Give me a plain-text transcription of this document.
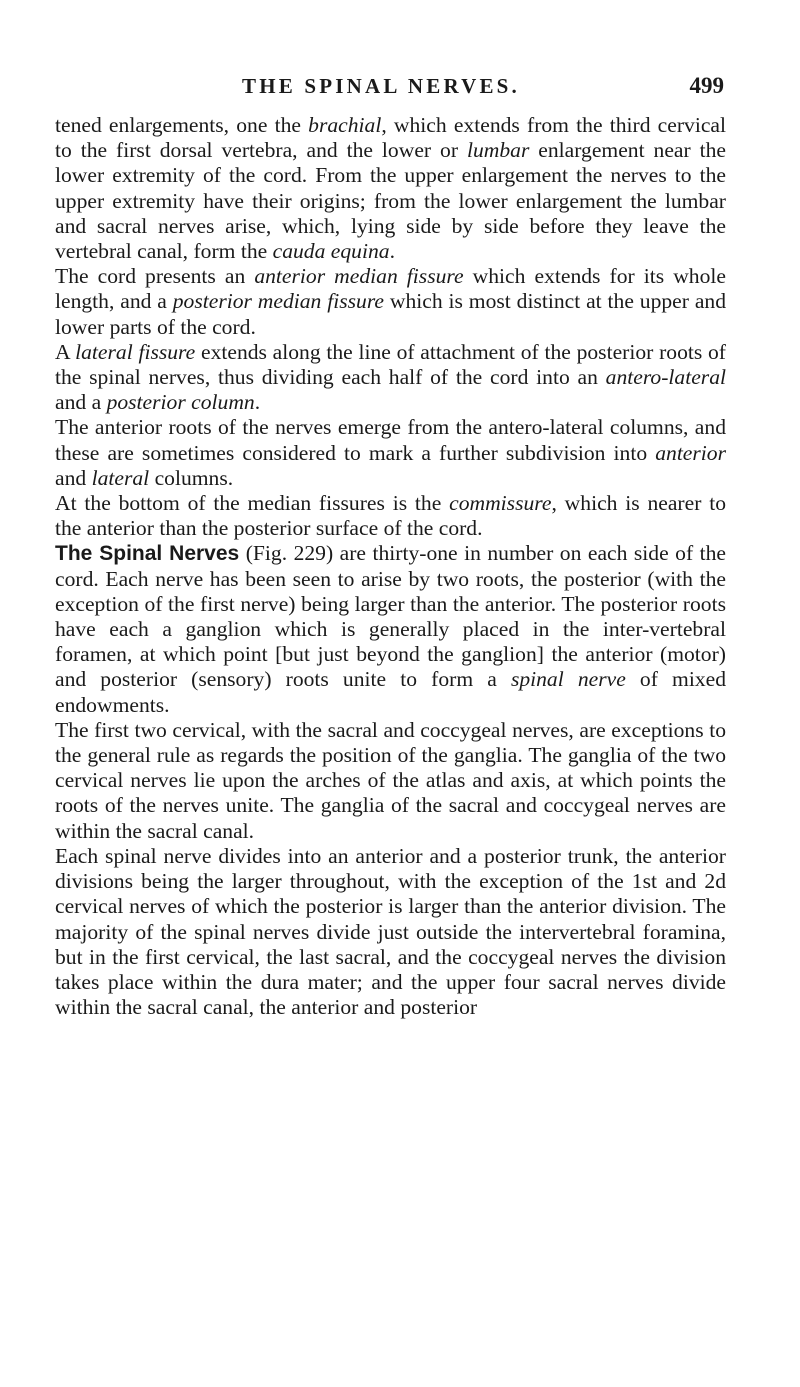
THE SPINAL NERVES.	499

tened enlargements, one the brachial, which extends from the third cervical to the first dorsal vertebra, and the lower or lumbar enlargement near the lower extremity of the cord. From the upper enlargement the nerves to the upper extremity have their origins; from the lower enlargement the lumbar and sacral nerves arise, which, lying side by side before they leave the vertebral canal, form the cauda equina.

The cord presents an anterior median fissure which extends for its whole length, and a posterior median fissure which is most distinct at the upper and lower parts of the cord.

A lateral fissure extends along the line of attachment of the posterior roots of the spinal nerves, thus dividing each half of the cord into an antero-lateral and a posterior column.

The anterior roots of the nerves emerge from the antero-lateral columns, and these are sometimes considered to mark a further subdivision into anterior and lateral columns.

At the bottom of the median fissures is the commissure, which is nearer to the anterior than the posterior surface of the cord.

The Spinal Nerves (Fig. 229) are thirty-one in number on each side of the cord. Each nerve has been seen to arise by two roots, the posterior (with the exception of the first nerve) being larger than the anterior. The posterior roots have each a ganglion which is generally placed in the inter-vertebral foramen, at which point [but just beyond the ganglion] the anterior (motor) and posterior (sensory) roots unite to form a spinal nerve of mixed endowments.

The first two cervical, with the sacral and coccygeal nerves, are exceptions to the general rule as regards the position of the ganglia. The ganglia of the two cervical nerves lie upon the arches of the atlas and axis, at which points the roots of the nerves unite. The ganglia of the sacral and coccygeal nerves are within the sacral canal.

Each spinal nerve divides into an anterior and a posterior trunk, the anterior divisions being the larger throughout, with the exception of the 1st and 2d cervical nerves of which the posterior is larger than the anterior division. The majority of the spinal nerves divide just outside the intervertebral foramina, but in the first cervical, the last sacral, and the coccygeal nerves the division takes place within the dura mater; and the upper four sacral nerves divide within the sacral canal, the anterior and posterior
